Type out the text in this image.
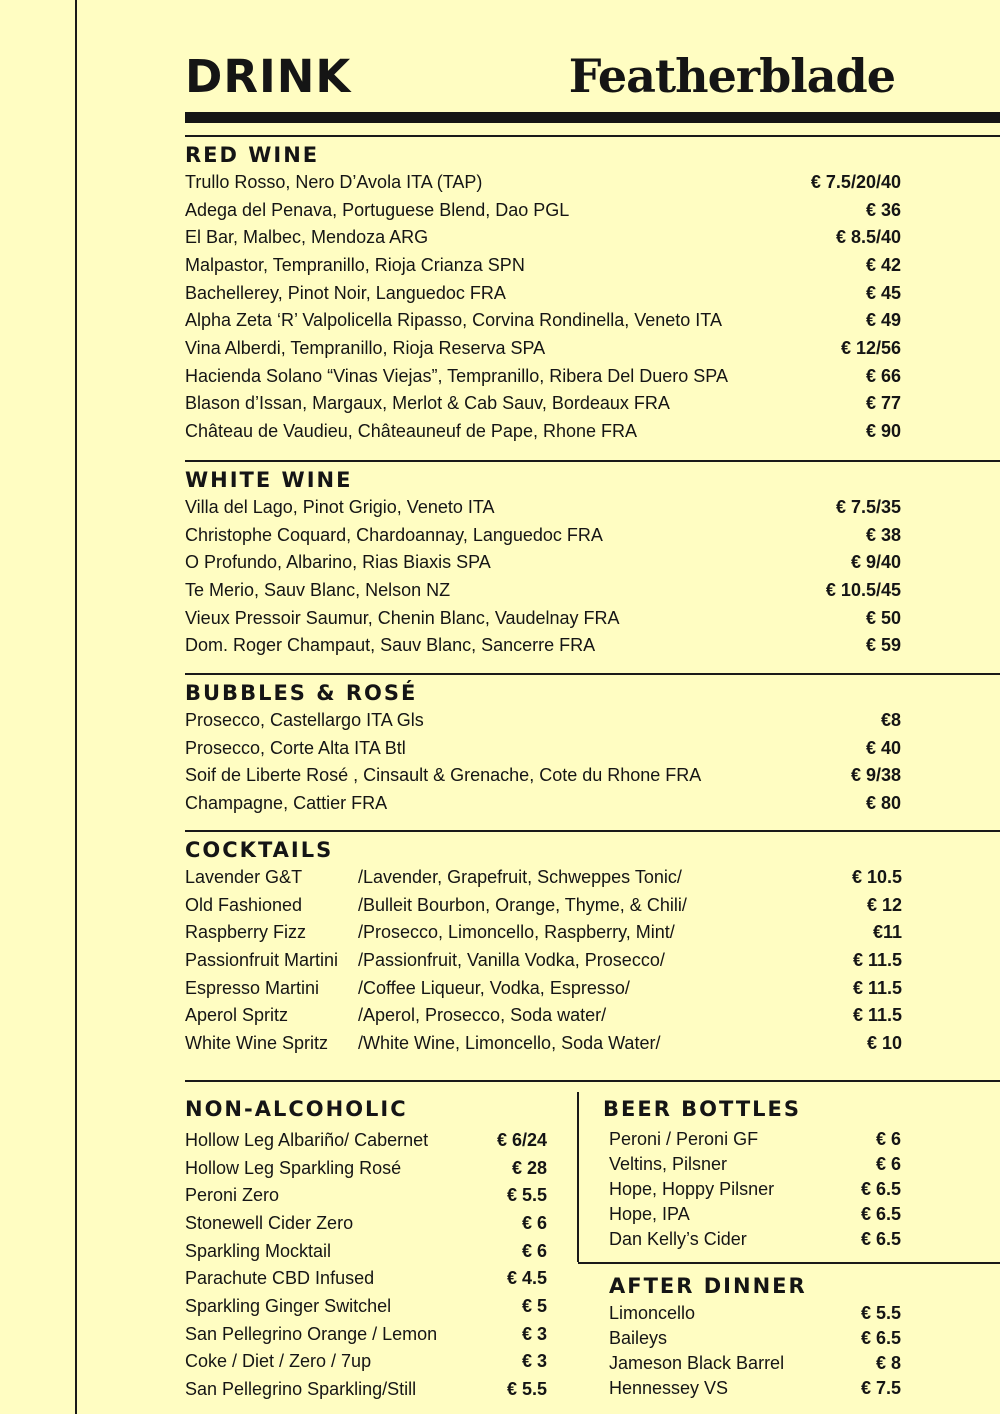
DRINK	Featherblade
RED WINE
Trullo Rosso, Nero D’Avola ITA (TAP)	€ 7.5/20/40
Adega del Penava, Portuguese Blend, Dao PGL	€ 36
El Bar, Malbec, Mendoza ARG	€ 8.5/40
Malpastor, Tempranillo, Rioja Crianza SPN	€ 42
Bachellerey, Pinot Noir, Languedoc FRA	€ 45
Alpha Zeta ‘R’ Valpolicella Ripasso, Corvina Rondinella, Veneto ITA	€ 49
Vina Alberdi, Tempranillo, Rioja Reserva SPA	€ 12/56
Hacienda Solano “Vinas Viejas”, Tempranillo, Ribera Del Duero SPA	€ 66
Blason d’Issan, Margaux, Merlot & Cab Sauv, Bordeaux FRA	€ 77
Château de Vaudieu, Châteauneuf de Pape, Rhone FRA	€ 90
WHITE WINE
Villa del Lago, Pinot Grigio, Veneto ITA	€ 7.5/35
Christophe Coquard, Chardoannay, Languedoc FRA	€ 38
O Profundo, Albarino, Rias Biaxis SPA	€ 9/40
Te Merio, Sauv Blanc, Nelson NZ	€ 10.5/45
Vieux Pressoir Saumur, Chenin Blanc, Vaudelnay FRA	€ 50
Dom. Roger Champaut, Sauv Blanc, Sancerre FRA	€ 59
BUBBLES & ROSÉ
Prosecco, Castellargo ITA Gls	€8
Prosecco, Corte Alta ITA Btl	€ 40
Soif de Liberte Rosé , Cinsault & Grenache, Cote du Rhone FRA	€ 9/38
Champagne, Cattier FRA	€ 80
COCKTAILS
Lavender G&T	/Lavender, Grapefruit, Schweppes Tonic/	€ 10.5
Old Fashioned	/Bulleit Bourbon, Orange, Thyme, & Chili/	€ 12
Raspberry Fizz	/Prosecco, Limoncello, Raspberry, Mint/	€11
Passionfruit Martini	/Passionfruit, Vanilla Vodka, Prosecco/	€ 11.5
Espresso Martini	/Coffee Liqueur, Vodka, Espresso/	€ 11.5
Aperol Spritz	/Aperol, Prosecco, Soda water/	€ 11.5
White Wine Spritz	/White Wine, Limoncello, Soda Water/	€ 10
NON-ALCOHOLIC
Hollow Leg Albariño/ Cabernet	€ 6/24
Hollow Leg Sparkling Rosé	€ 28
Peroni Zero	€ 5.5
Stonewell Cider Zero	€ 6
Sparkling Mocktail	€ 6
Parachute CBD Infused	€ 4.5
Sparkling Ginger Switchel	€ 5
San Pellegrino Orange / Lemon	€ 3
Coke / Diet / Zero / 7up	€ 3
San Pellegrino Sparkling/Still	€ 5.5
BEER BOTTLES
Peroni / Peroni GF	€ 6
Veltins, Pilsner	€ 6
Hope, Hoppy Pilsner	€ 6.5
Hope, IPA	€ 6.5
Dan Kelly’s Cider	€ 6.5
AFTER DINNER
Limoncello	€ 5.5
Baileys	€ 6.5
Jameson Black Barrel	€ 8
Hennessey VS	€ 7.5
